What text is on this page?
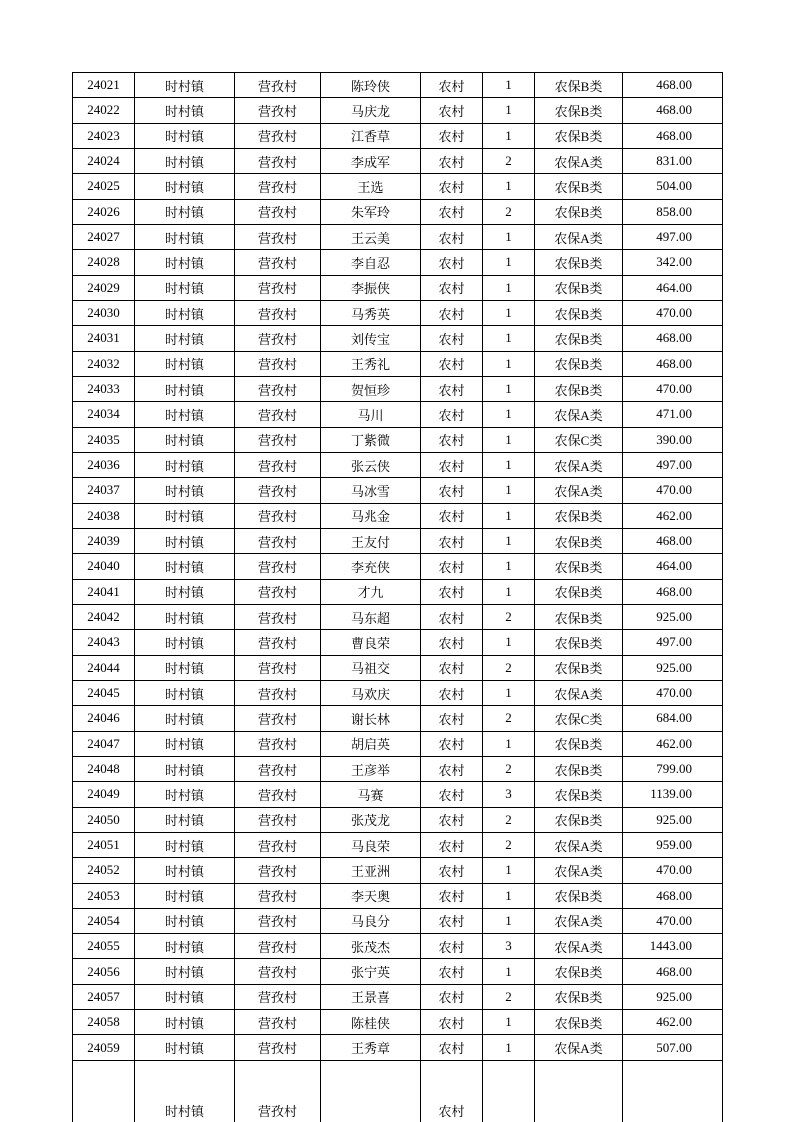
24021	时村镇	营孜村	陈玲侠	农村	1	农保B类	468.00
24022	时村镇	营孜村	马庆龙	农村	1	农保B类	468.00
24023	时村镇	营孜村	江香草	农村	1	农保B类	468.00
24024	时村镇	营孜村	李成军	农村	2	农保A类	831.00
24025	时村镇	营孜村	王选	农村	1	农保B类	504.00
24026	时村镇	营孜村	朱军玲	农村	2	农保B类	858.00
24027	时村镇	营孜村	王云美	农村	1	农保A类	497.00
24028	时村镇	营孜村	李自忍	农村	1	农保B类	342.00
24029	时村镇	营孜村	李振侠	农村	1	农保B类	464.00
24030	时村镇	营孜村	马秀英	农村	1	农保B类	470.00
24031	时村镇	营孜村	刘传宝	农村	1	农保B类	468.00
24032	时村镇	营孜村	王秀礼	农村	1	农保B类	468.00
24033	时村镇	营孜村	贺恒珍	农村	1	农保B类	470.00
24034	时村镇	营孜村	马川	农村	1	农保A类	471.00
24035	时村镇	营孜村	丁紫微	农村	1	农保C类	390.00
24036	时村镇	营孜村	张云侠	农村	1	农保A类	497.00
24037	时村镇	营孜村	马冰雪	农村	1	农保A类	470.00
24038	时村镇	营孜村	马兆金	农村	1	农保B类	462.00
24039	时村镇	营孜村	王友付	农村	1	农保B类	468.00
24040	时村镇	营孜村	李充侠	农村	1	农保B类	464.00
24041	时村镇	营孜村	才九	农村	1	农保B类	468.00
24042	时村镇	营孜村	马东超	农村	2	农保B类	925.00
24043	时村镇	营孜村	曹良荣	农村	1	农保B类	497.00
24044	时村镇	营孜村	马祖交	农村	2	农保B类	925.00
24045	时村镇	营孜村	马欢庆	农村	1	农保A类	470.00
24046	时村镇	营孜村	谢长林	农村	2	农保C类	684.00
24047	时村镇	营孜村	胡启英	农村	1	农保B类	462.00
24048	时村镇	营孜村	王彦举	农村	2	农保B类	799.00
24049	时村镇	营孜村	马赛	农村	3	农保B类	1139.00
24050	时村镇	营孜村	张茂龙	农村	2	农保B类	925.00
24051	时村镇	营孜村	马良荣	农村	2	农保A类	959.00
24052	时村镇	营孜村	王亚洲	农村	1	农保A类	470.00
24053	时村镇	营孜村	李天奥	农村	1	农保B类	468.00
24054	时村镇	营孜村	马良分	农村	1	农保A类	470.00
24055	时村镇	营孜村	张茂杰	农村	3	农保A类	1443.00
24056	时村镇	营孜村	张宁英	农村	1	农保B类	468.00
24057	时村镇	营孜村	王景喜	农村	2	农保B类	925.00
24058	时村镇	营孜村	陈桂侠	农村	1	农保B类	462.00
24059	时村镇	营孜村	王秀章	农村	1	农保A类	507.00
	时村镇	营孜村		农村			
